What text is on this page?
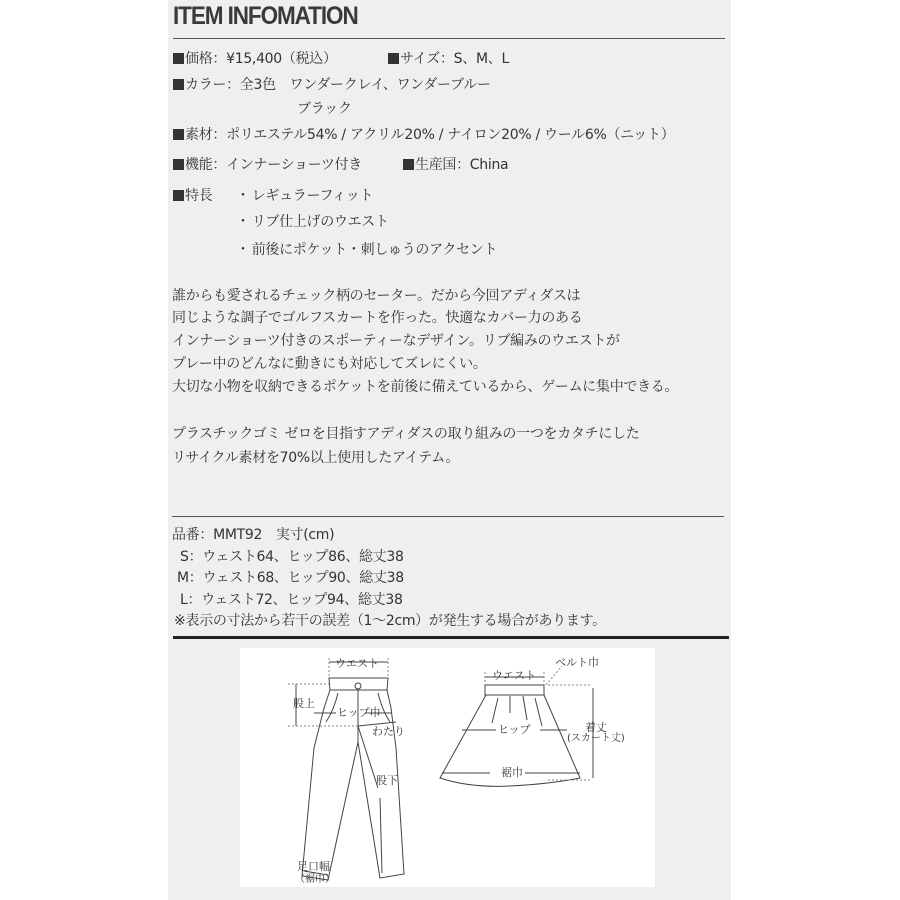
ITEM INFOMATION
価格：¥15,400（税込）	サイズ：S、M、L
カラー：全3色　ワンダークレイ、ワンダーブルー
ブラック
素材：ポリエステル54% / アクリル20% / ナイロン20% / ウール6%（ニット）
機能：インナーショーツ付き	生産国：China
特長 ・ レギュラーフィット
・ リブ仕上げのウエスト
・ 前後にポケット・刺しゅうのアクセント
誰からも愛されるチェック柄のセーター。だから今回アディダスは
同じような調子でゴルフスカートを作った。快適なカバー力のある
インナーショーツ付きのスポーティーなデザイン。リブ編みのウエストが
プレー中のどんなに動きにも対応してズレにくい。
大切な小物を収納できるポケットを前後に備えているから、ゲームに集中できる。
プラスチックゴミ ゼロを目指すアディダスの取り組みの一つをカタチにした
リサイクル素材を70%以上使用したアイテム。
品番：MMT92　実寸(cm)
S：ウェスト64、ヒップ86、総丈38
M：ウェスト68、ヒップ90、総丈38
L：ウェスト72、ヒップ94、総丈38
※表示の寸法から若干の誤差（1～2cm）が発生する場合があります。
ウエスト
股上
ヒップ巾
わたり
股下
足口幅
（裾巾）
ベルト巾
ウエスト
ヒップ	着丈
(スカート丈)
裾巾
